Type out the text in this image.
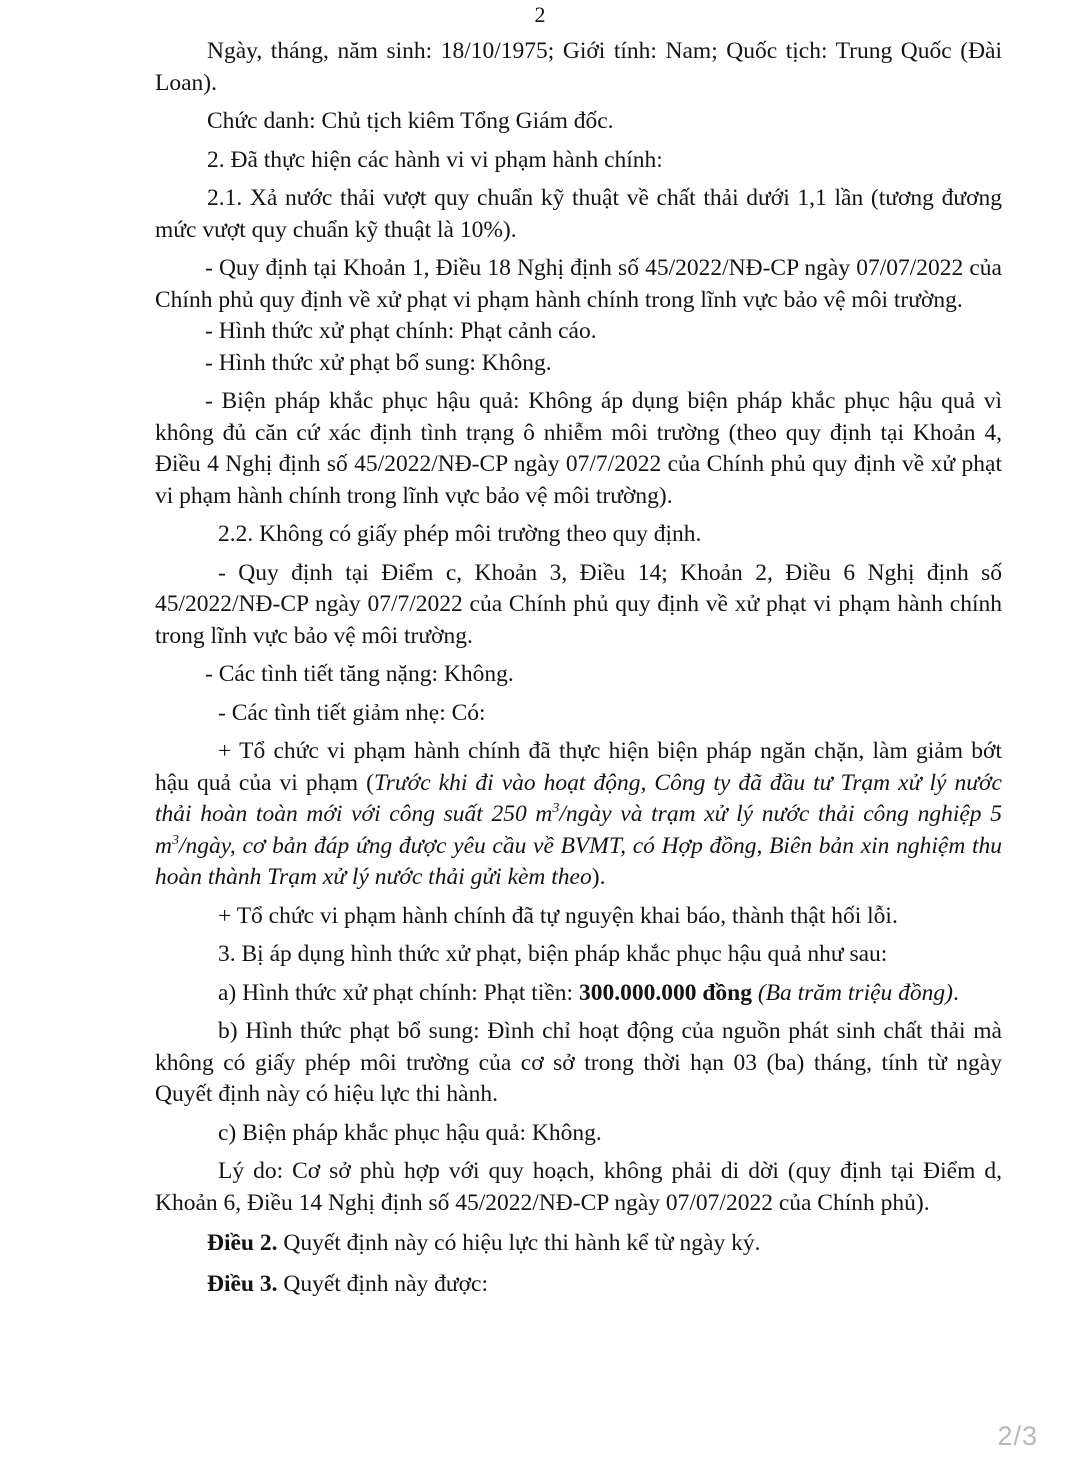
2

Ngày, tháng, năm sinh: 18/10/1975; Giới tính: Nam; Quốc tịch: Trung Quốc (Đài Loan).

Chức danh: Chủ tịch kiêm Tổng Giám đốc.

2. Đã thực hiện các hành vi vi phạm hành chính:

2.1. Xả nước thải vượt quy chuẩn kỹ thuật về chất thải dưới 1,1 lần (tương đương mức vượt quy chuẩn kỹ thuật là 10%).

- Quy định tại Khoản 1, Điều 18 Nghị định số 45/2022/NĐ-CP ngày 07/07/2022 của Chính phủ quy định về xử phạt vi phạm hành chính trong lĩnh vực bảo vệ môi trường.

- Hình thức xử phạt chính: Phạt cảnh cáo.

- Hình thức xử phạt bổ sung: Không.

- Biện pháp khắc phục hậu quả: Không áp dụng biện pháp khắc phục hậu quả vì không đủ căn cứ xác định tình trạng ô nhiễm môi trường (theo quy định tại Khoản 4, Điều 4 Nghị định số 45/2022/NĐ-CP ngày 07/7/2022 của Chính phủ quy định về xử phạt vi phạm hành chính trong lĩnh vực bảo vệ môi trường).

2.2. Không có giấy phép môi trường theo quy định.

- Quy định tại Điểm c, Khoản 3, Điều 14; Khoản 2, Điều 6 Nghị định số 45/2022/NĐ-CP ngày 07/7/2022 của Chính phủ quy định về xử phạt vi phạm hành chính trong lĩnh vực bảo vệ môi trường.

- Các tình tiết tăng nặng: Không.

- Các tình tiết giảm nhẹ: Có:

+ Tổ chức vi phạm hành chính đã thực hiện biện pháp ngăn chặn, làm giảm bớt hậu quả của vi phạm (Trước khi đi vào hoạt động, Công ty đã đầu tư Trạm xử lý nước thải hoàn toàn mới với công suất 250 $m^3$/ngày và trạm xử lý nước thải công nghiệp 5 $m^3$/ngày, cơ bản đáp ứng được yêu cầu về BVMT, có Hợp đồng, Biên bản xin nghiệm thu hoàn thành Trạm xử lý nước thải gửi kèm theo).

+ Tổ chức vi phạm hành chính đã tự nguyện khai báo, thành thật hối lỗi.

3. Bị áp dụng hình thức xử phạt, biện pháp khắc phục hậu quả như sau:

a) Hình thức xử phạt chính: Phạt tiền: 300.000.000 đồng (Ba trăm triệu đồng).

b) Hình thức phạt bổ sung: Đình chỉ hoạt động của nguồn phát sinh chất thải mà không có giấy phép môi trường của cơ sở trong thời hạn 03 (ba) tháng, tính từ ngày Quyết định này có hiệu lực thi hành.

c) Biện pháp khắc phục hậu quả: Không.

Lý do: Cơ sở phù hợp với quy hoạch, không phải di dời (quy định tại Điểm d, Khoản 6, Điều 14 Nghị định số 45/2022/NĐ-CP ngày 07/07/2022 của Chính phủ).

Điều 2. Quyết định này có hiệu lực thi hành kể từ ngày ký.

Điều 3. Quyết định này được:

2/3
